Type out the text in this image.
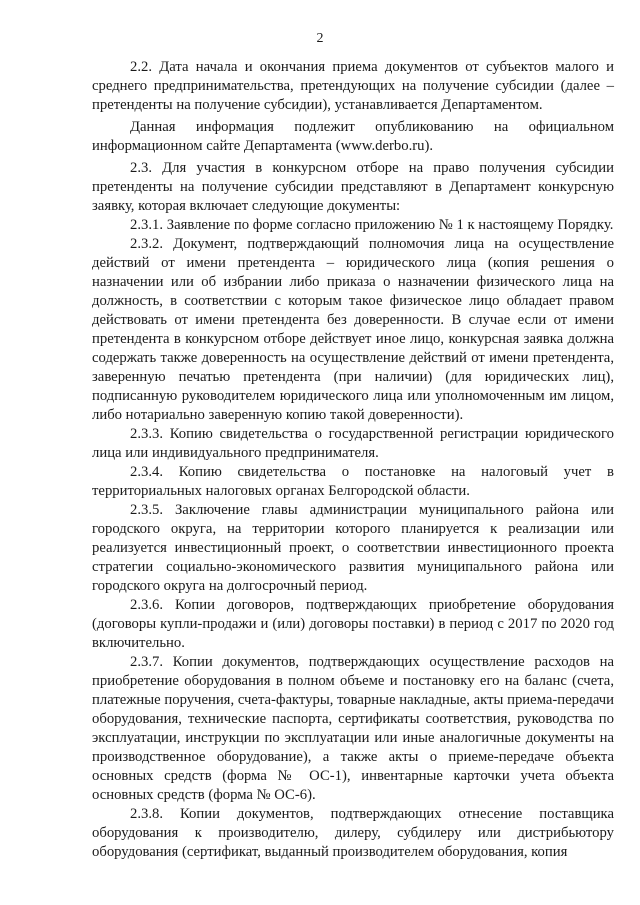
2

2.2. Дата начала и окончания приема документов от субъектов малого и среднего предпринимательства, претендующих на получение субсидии (далее – претенденты на получение субсидии), устанавливается Департаментом.

Данная информация подлежит опубликованию на официальном информационном сайте Департамента (www.derbo.ru).

2.3. Для участия в конкурсном отборе на право получения субсидии претенденты на получение субсидии представляют в Департамент конкурсную заявку, которая включает следующие документы:

2.3.1. Заявление по форме согласно приложению № 1 к настоящему Порядку.

2.3.2. Документ, подтверждающий полномочия лица на осуществление действий от имени претендента – юридического лица (копия решения о назначении или об избрании либо приказа о назначении физического лица на должность, в соответствии с которым такое физическое лицо обладает правом действовать от имени претендента без доверенности. В случае если от имени претендента в конкурсном отборе действует иное лицо, конкурсная заявка должна содержать также доверенность на осуществление действий от имени претендента, заверенную печатью претендента (при наличии) (для юридических лиц), подписанную руководителем юридического лица или уполномоченным им лицом, либо нотариально заверенную копию такой доверенности).

2.3.3. Копию свидетельства о государственной регистрации юридического лица или индивидуального предпринимателя.

2.3.4. Копию свидетельства о постановке на налоговый учет в территориальных налоговых органах Белгородской области.

2.3.5. Заключение главы администрации муниципального района или городского округа, на территории которого планируется к реализации или реализуется инвестиционный проект, о соответствии инвестиционного проекта стратегии социально-экономического развития муниципального района или городского округа на долгосрочный период.

2.3.6. Копии договоров, подтверждающих приобретение оборудования (договоры купли-продажи и (или) договоры поставки) в период с 2017 по 2020 год включительно.

2.3.7. Копии документов, подтверждающих осуществление расходов на приобретение оборудования в полном объеме и постановку его на баланс (счета, платежные поручения, счета-фактуры, товарные накладные, акты приема-передачи оборудования, технические паспорта, сертификаты соответствия, руководства по эксплуатации, инструкции по эксплуатации или иные аналогичные документы на производственное оборудование), а также акты о приеме-передаче объекта основных средств (форма № ОС-1), инвентарные карточки учета объекта основных средств (форма № ОС-6).

2.3.8. Копии документов, подтверждающих отнесение поставщика оборудования к производителю, дилеру, субдилеру или дистрибьютору оборудования (сертификат, выданный производителем оборудования, копия
